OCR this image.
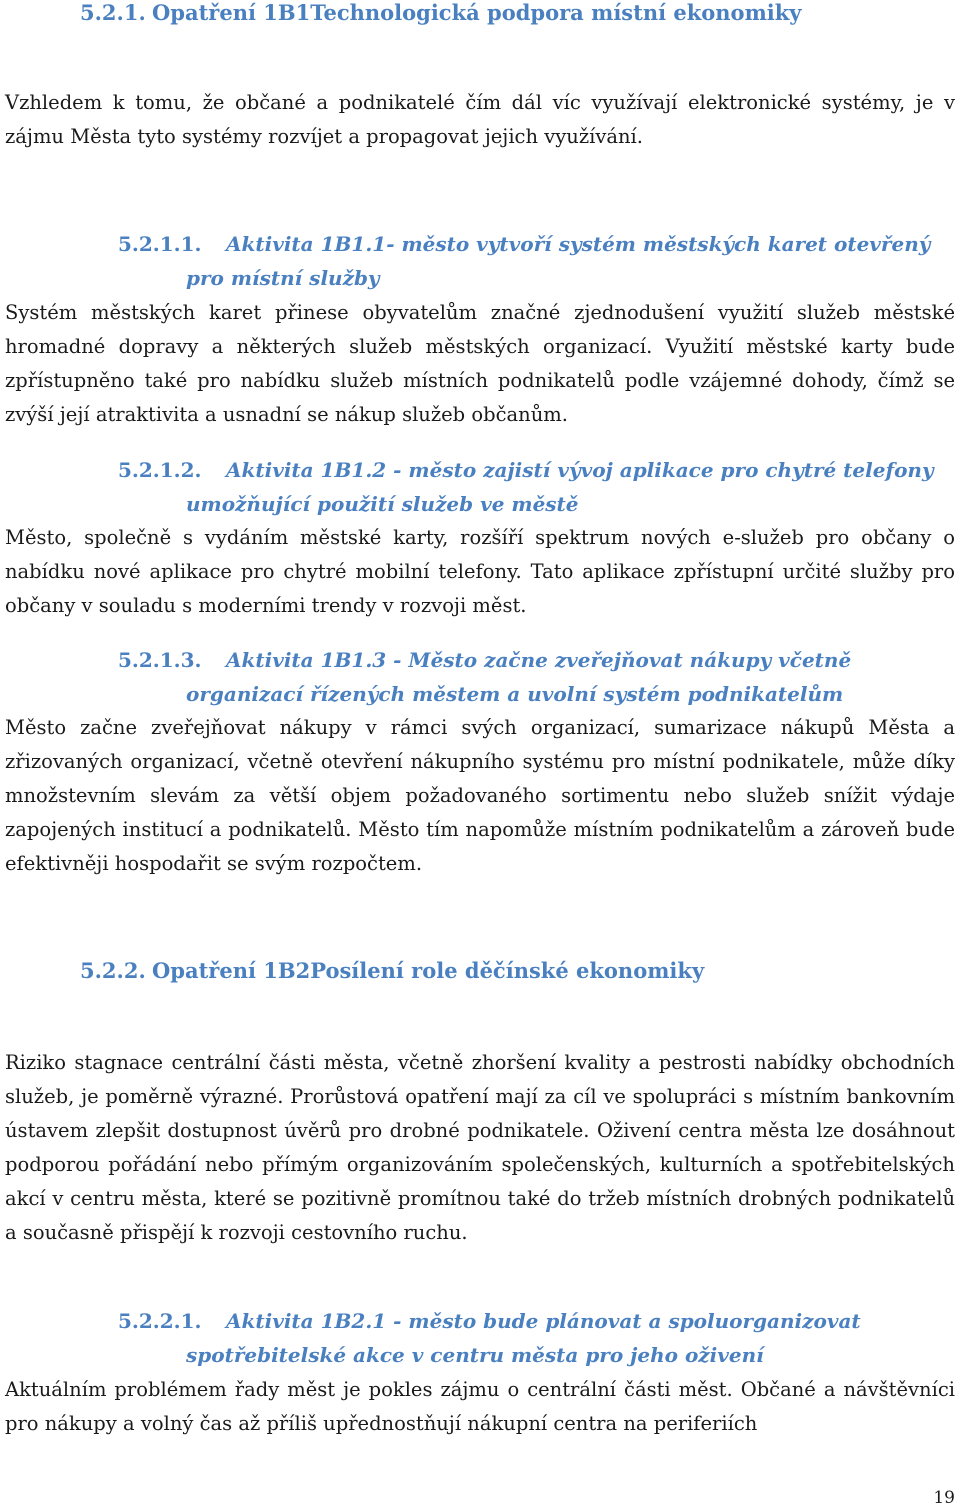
5.2.1. Opatření 1B1Technologická podpora místní ekonomiky
Vzhledem k tomu, že občané a podnikatelé čím dál víc využívají elektronické systémy, je v zájmu Města tyto systémy rozvíjet a propagovat jejich využívání.
5.2.1.1. Aktivita 1B1.1- město vytvoří systém městských karet otevřený
pro místní služby
Systém městských karet přinese obyvatelům značné zjednodušení využití služeb městské hromadné dopravy a některých služeb městských organizací. Využití městské karty bude zpřístupněno také pro nabídku služeb místních podnikatelů podle vzájemné dohody, čímž se zvýší její atraktivita a usnadní se nákup služeb občanům.
5.2.1.2. Aktivita 1B1.2 - město zajistí vývoj aplikace pro chytré telefony
umožňující použití služeb ve městě
Město, společně s vydáním městské karty, rozšíří spektrum nových e-služeb pro občany o nabídku nové aplikace pro chytré mobilní telefony. Tato aplikace zpřístupní určité služby pro občany v souladu s moderními trendy v rozvoji měst.
5.2.1.3. Aktivita 1B1.3 - Město začne zveřejňovat nákupy včetně
organizací řízených městem a uvolní systém podnikatelům
Město začne zveřejňovat nákupy v rámci svých organizací, sumarizace nákupů Města a zřizovaných organizací, včetně otevření nákupního systému pro místní podnikatele, může díky množstevním slevám za větší objem požadovaného sortimentu nebo služeb snížit výdaje zapojených institucí a podnikatelů. Město tím napomůže místním podnikatelům a zároveň bude efektivněji hospodařit se svým rozpočtem.
5.2.2. Opatření 1B2Posílení role děčínské ekonomiky
Riziko stagnace centrální části města, včetně zhoršení kvality a pestrosti nabídky obchodních služeb, je poměrně výrazné. Prorůstová opatření mají za cíl ve spolupráci s místním bankovním ústavem zlepšit dostupnost úvěrů pro drobné podnikatele. Oživení centra města lze dosáhnout podporou pořádání nebo přímým organizováním společenských, kulturních a spotřebitelských akcí v centru města, které se pozitivně promítnou také do tržeb místních drobných podnikatelů a současně přispějí k rozvoji cestovního ruchu.
5.2.2.1. Aktivita 1B2.1 - město bude plánovat a spoluorganizovat
spotřebitelské akce v centru města pro jeho oživení
Aktuálním problémem řady měst je pokles zájmu o centrální části měst. Občané a návštěvníci pro nákupy a volný čas až příliš upřednostňují nákupní centra na periferiích
19
